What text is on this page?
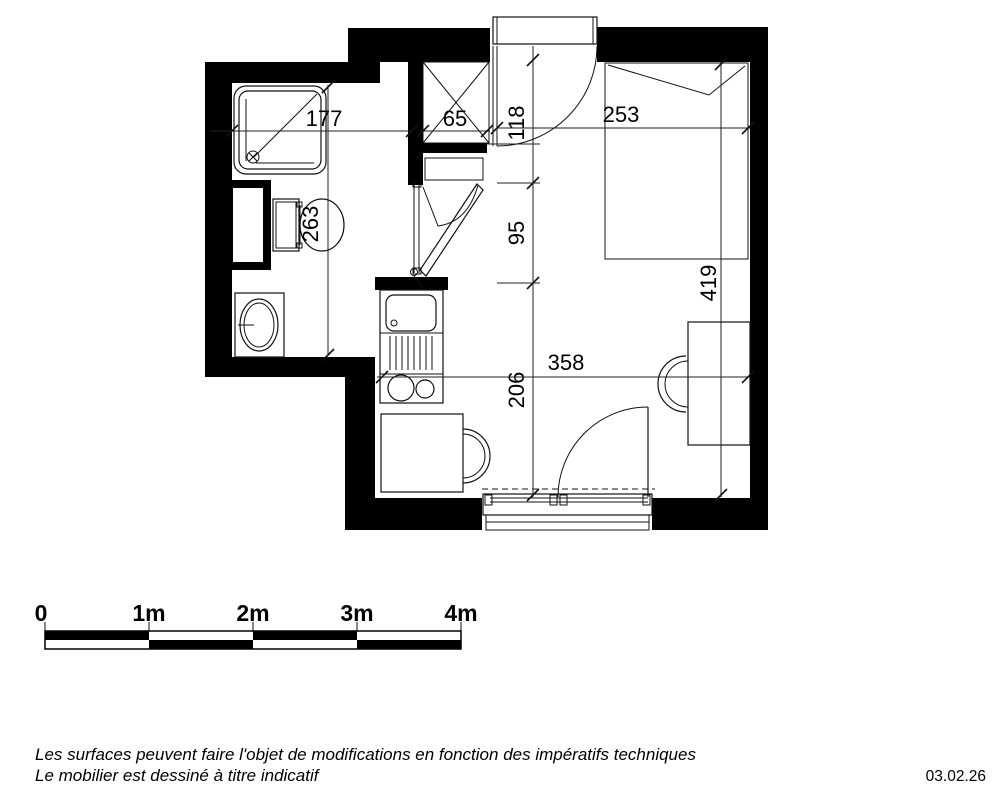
177	65 118
95
206
253
263
358
419
0	1m	2m	3m	4m
Les surfaces peuvent faire l'objet de modifications en fonction des impératifs techniques
Le mobilier est dessiné à titre indicatif	03.02.26
